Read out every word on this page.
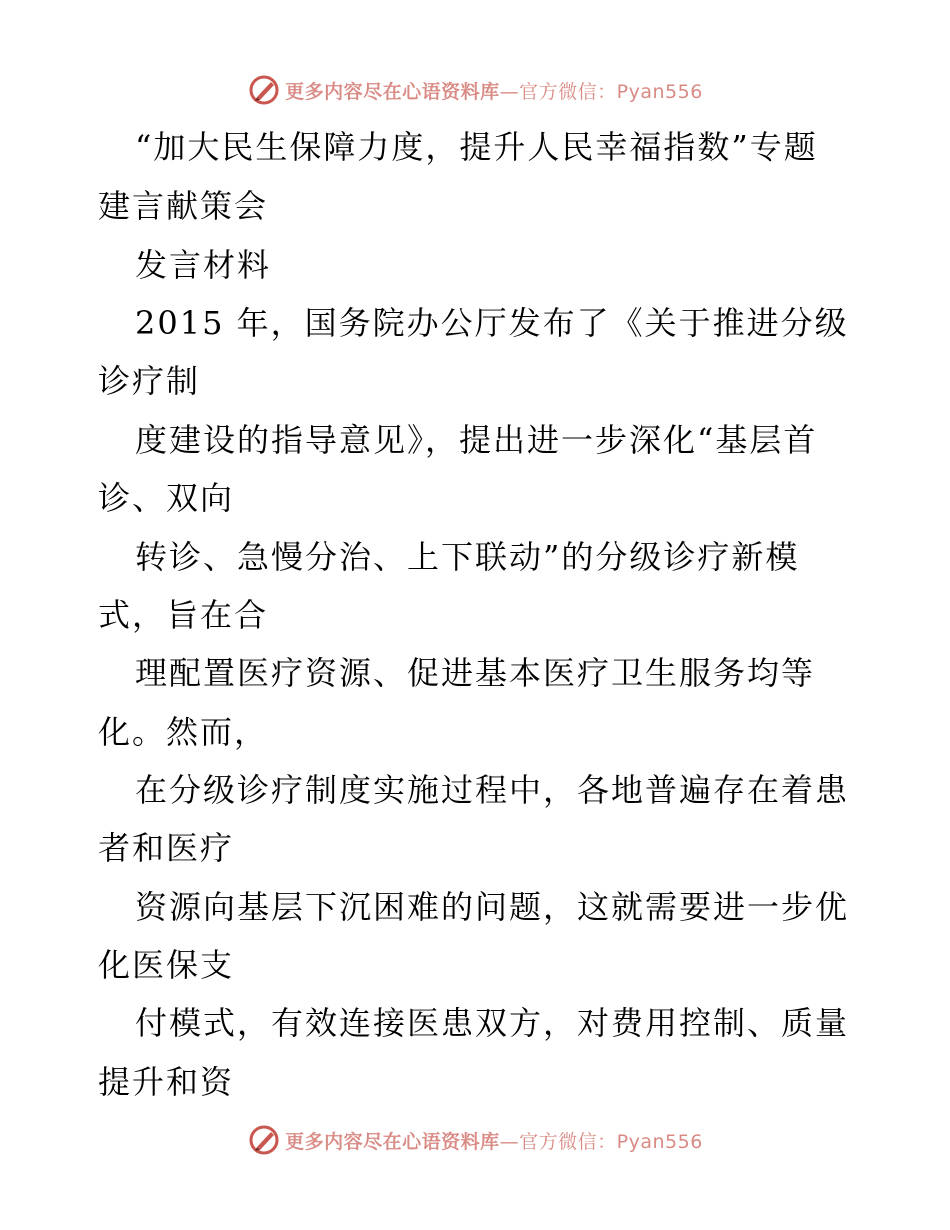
更多内容尽在心语资料库—官方微信：Pyan556
“加大民生保障力度，提升人民幸福指数”专题
建言献策会
发言材料
2015 年，国务院办公厅发布了《关于推进分级
诊疗制
度建设的指导意见》，提出进一步深化“基层首
诊、双向
转诊、急慢分治、上下联动”的分级诊疗新模
式，旨在合
理配置医疗资源、促进基本医疗卫生服务均等
化。然而，
在分级诊疗制度实施过程中，各地普遍存在着患
者和医疗
资源向基层下沉困难的问题，这就需要进一步优
化医保支
付模式，有效连接医患双方，对费用控制、质量
提升和资
更多内容尽在心语资料库—官方微信：Pyan556
